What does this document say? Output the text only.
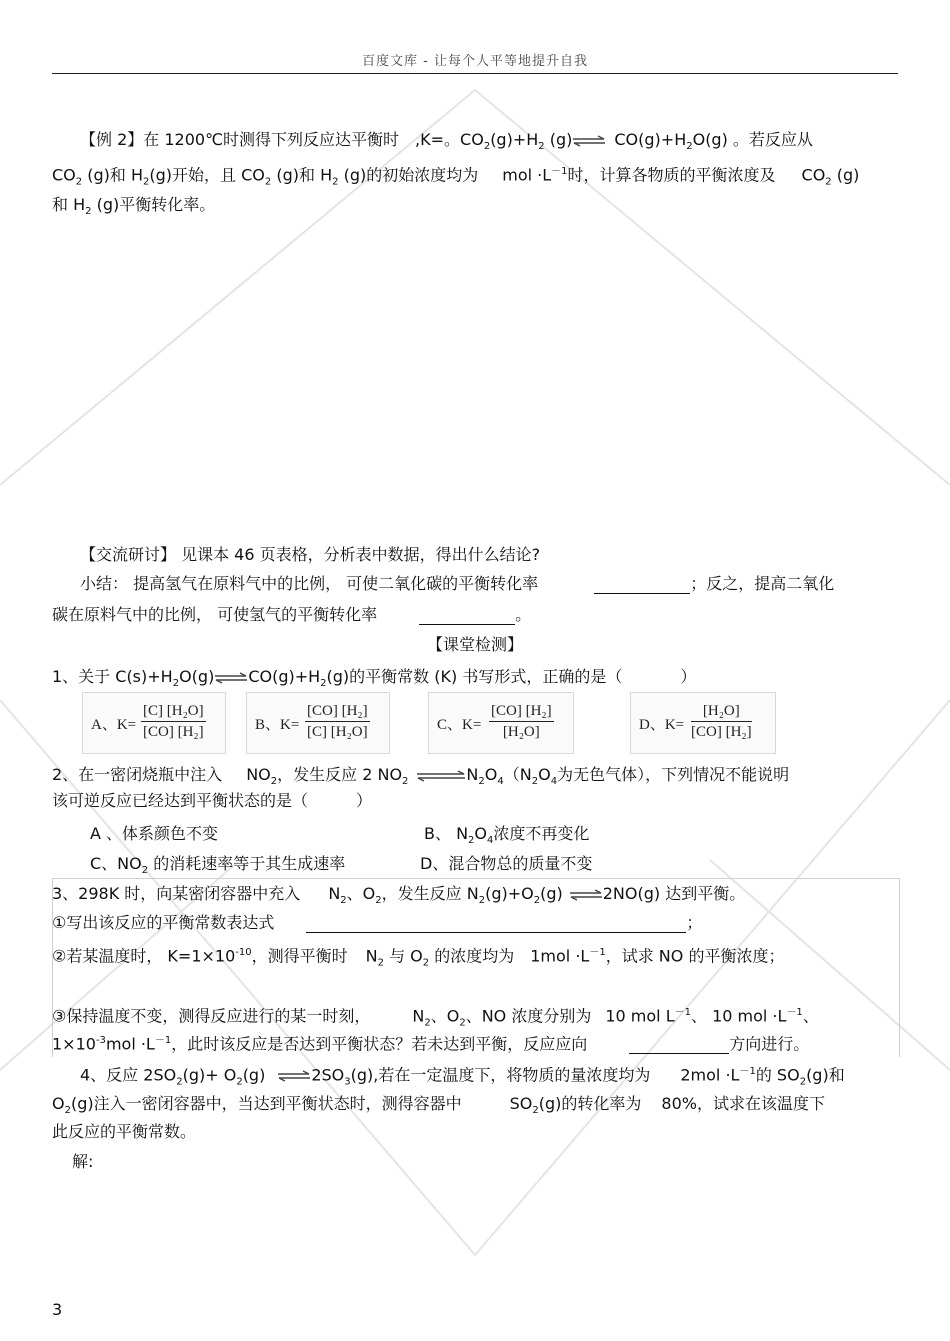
百度文库 - 让每个人平等地提升自我
【例 2】在 1200℃时测得下列反应达平衡时 ,K=。$CO_2(g)+H_2$ (g)⇌ $CO(g)+H_2O(g)$ 。若反应从
$CO_2$ (g)和 $H_2(g)$开始，且 $CO_2$ (g)和 $H_2$ (g)的初始浓度均为 mol $\cdot L^{-1}$时，计算各物质的平衡浓度及 $CO_2$ (g)
和 $H_2$ (g)平衡转化率。
【交流研讨】 见课本 46 页表格，分析表中数据，得出什么结论?
小结： 提高氢气在原料气中的比例， 可使二氧化碳的平衡转化率	；反之，提高二氧化
碳在原料气中的比例， 可使氢气的平衡转化率	。
【课堂检测】
1、关于 $C(s)+H_2O(g)\rightleftharpoons CO(g)+H_2(g)$的平衡常数 (K) 书写形式，正确的是（	）
A、$K= \frac{\text{[C] [H₂O]}}{\text{[CO] [H₂]}}$	B、$K= \frac{\text{[CO] [H₂]}}{\text{[C] [H₂O]}}$	C、$K= \frac{\text{[CO] [H₂]}}{\text{[H₂O]}}$	D、$K= \frac{\text{[H₂O]}}{\text{[CO] [H₂]}}$
2、在一密闭烧瓶中注入 $NO_2$，发生反应 2 $NO_2$ $\rightleftharpoons N_2O_4(N_2O_4$为无色气体），下列情况不能说明
该可逆反应已经达到平衡状态的是（	）
A 、体系颜色不变	B、 $N_2O_4$浓度不再变化
C、$NO_2$ 的消耗速率等于其生成速率	D、混合物总的质量不变
3、298K 时，向某密闭容器中充入 $N_2$、$O_2$，发生反应 $N_2(g)+O_2(g)$ ⇌2NO(g) 达到平衡。
①写出该反应的平衡常数表达式	；
②若某温度时， $K=1\times 10^{-10}$，测得平衡时 $N_2$ 与 $O_2$ 的浓度均为 $1mol \cdot L^{-1}$，试求 NO 的平衡浓度；
③保持温度不变，测得反应进行的某一时刻，	$N_2$、$O_2$、NO 浓度分别为 10 mol $L^{-1}$、 10 mol $\cdot L^{-1}$、
$1\times 10^{-3}mol \cdot L^{-1}$，此时该反应是否达到平衡状态？若未达到平衡，反应应向	方向进行。
4、反应 $2SO_2(g)+ O_2(g)$ $\rightleftharpoons 2SO_3(g)$,若在一定温度下，将物质的量浓度均为 $2mol \cdot L^{-1}$的 $SO_2(g)$和
$O_2(g)$注入一密闭容器中，当达到平衡状态时，测得容器中	$SO_2(g)$的转化率为 80%，试求在该温度下
此反应的平衡常数。
解:
3
